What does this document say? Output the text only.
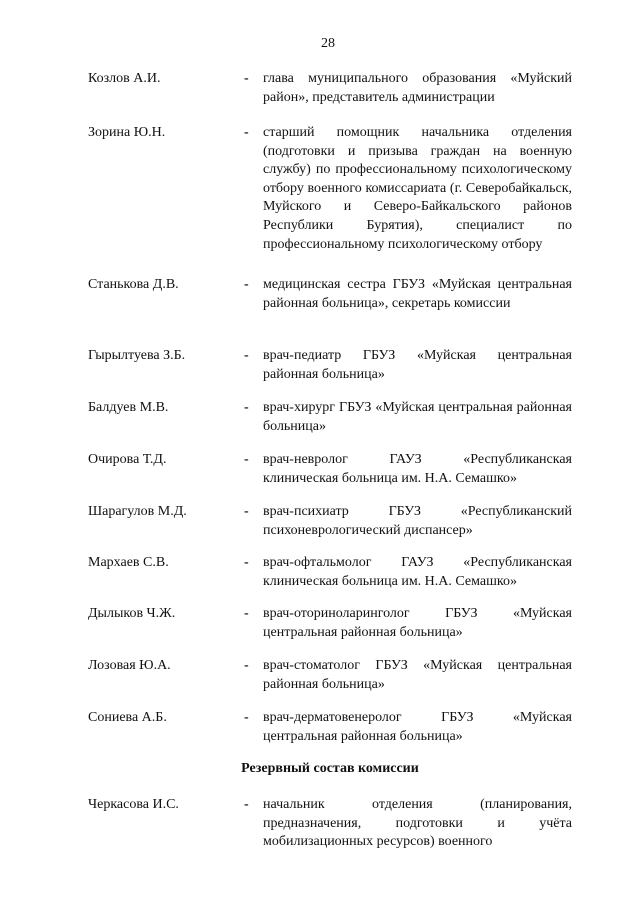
28
Козлов А.И.	- глава муниципального образования «Муйский район», представитель администрации
Зорина Ю.Н.	- старший помощник начальника отделения (подготовки и призыва граждан на военную службу) по профессиональному психологическому отбору военного комиссариата (г. Северобайкальск, Муйского и Северо-Байкальского районов Республики Бурятия), специалист по профессиональному психологическому отбору
Станькова Д.В.	- медицинская сестра ГБУЗ «Муйская центральная районная больница», секретарь комиссии
Гырылтуева З.Б.	- врач-педиатр ГБУЗ «Муйская центральная районная больница»
Балдуев М.В.	- врач-хирург ГБУЗ «Муйская центральная районная больница»
Очирова Т.Д.	- врач-невролог ГАУЗ «Республиканская клиническая больница им. Н.А. Семашко»
Шарагулов М.Д.	- врач-психиатр ГБУЗ «Республиканский психоневрологический диспансер»
Мархаев С.В.	- врач-офтальмолог ГАУЗ «Республиканская клиническая больница им. Н.А. Семашко»
Дылыков Ч.Ж.	- врач-оториноларинголог ГБУЗ «Муйская центральная районная больница»
Лозовая Ю.А.	- врач-стоматолог ГБУЗ «Муйская центральная районная больница»
Сониева А.Б.	- врач-дерматовенеролог ГБУЗ «Муйская центральная районная больница»
Резервный состав комиссии
Черкасова И.С.	- начальник отделения (планирования, предназначения, подготовки и учёта мобилизационных ресурсов) военного
